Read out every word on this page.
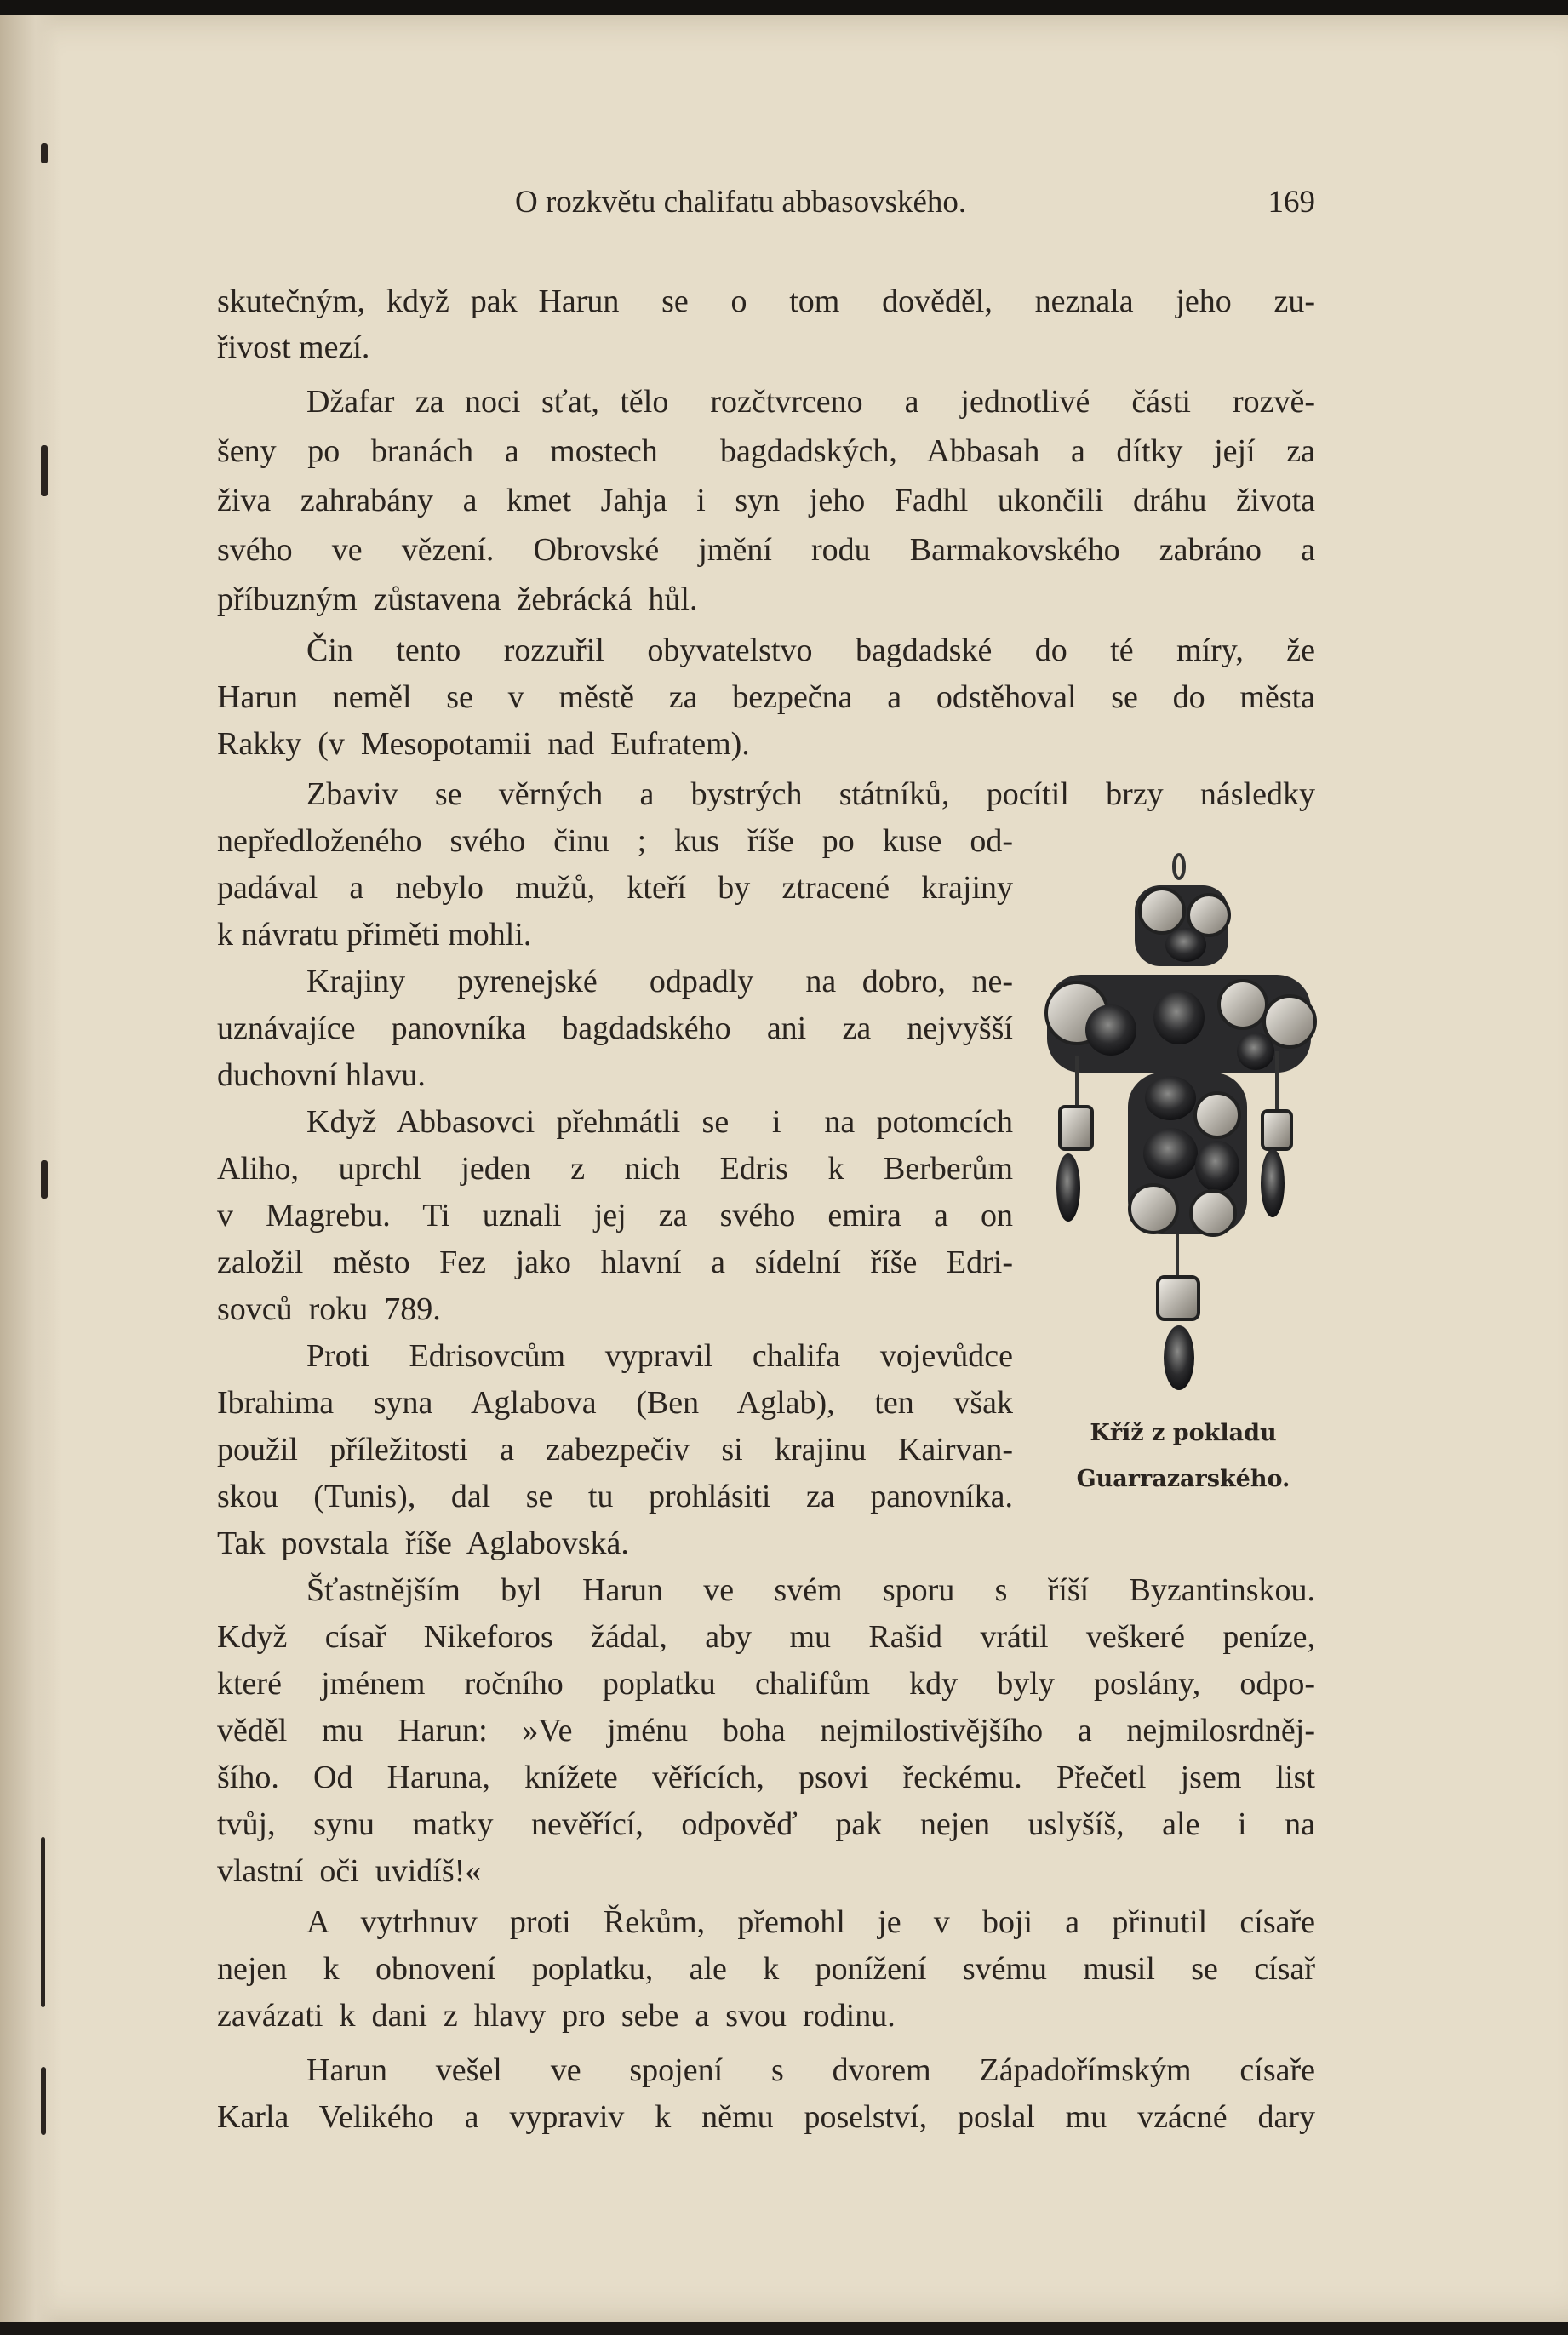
O rozkvětu chalifatu abbasovského.	169

skutečným, když pak Harun  se  o  tom  dověděl,  neznala  jeho  zu-

řivost mezí.

Džafar za noci sťat, tělo  rozčtvrceno  a  jednotlivé  části  rozvě-

šeny po branách a mostech  bagdadských, Abbasah a dítky její za

živa zahrabány a kmet Jahja i syn jeho Fadhl ukončili dráhu života

svého  ve  vězení.  Obrovské  jmění  rodu  Barmakovského  zabráno  a

příbuzným  zůstavena  žebrácká  hůl.

Čin  tento  rozzuřil  obyvatelstvo  bagdadské  do  té  míry,  že

Harun  neměl  se  v  městě  za  bezpečna  a  odstěhoval  se  do  města

Rakky  (v  Mesopotamii  nad  Eufratem).

Zbaviv  se  věrných  a  bystrých  státníků,  pocítil  brzy  následky

nepředloženého svého činu ; kus říše po kuse od-

padával a nebylo mužů, kteří by ztracené krajiny

k návratu přiměti mohli.

Krajiny  pyrenejské  odpadly  na dobro, ne-

uznávajíce panovníka bagdadského ani za nejvyšší

duchovní hlavu.

Když Abbasovci přehmátli se  i  na potomcích

Aliho,  uprchl  jeden  z  nich  Edris  k  Berberům

v  Magrebu.  Ti  uznali  jej  za  svého  emira  a  on

založil  město  Fez  jako  hlavní  a  sídelní  říše  Edri-

sovců  roku  789.

Proti Edrisovcům vypravil chalifa vojevůdce

Ibrahima  syna  Aglabova  (Ben  Aglab),  ten  však

použil příležitosti a zabezpečiv si krajinu Kairvan-

skou  (Tunis),  dal  se  tu  prohlásiti  za  panovníka.

Tak  povstala  říše  Aglabovská.

Šťastnějším  byl  Harun  ve  svém  sporu  s  říší  Byzantinskou.

Když  císař  Nikeforos  žádal,  aby  mu  Rašid  vrátil  veškeré  peníze,

které  jménem  ročního  poplatku  chalifům  kdy  byly  poslány,  odpo-

věděl  mu  Harun:  »Ve  jménu  boha  nejmilostivějšího  a  nejmilosrdněj-

šího.  Od  Haruna,  knížete  věřících,  psovi  řeckému.  Přečetl  jsem  list

tvůj,  synu  matky  nevěřící,  odpověď  pak  nejen  uslyšíš,  ale  i  na

vlastní  oči  uvidíš!«

A  vytrhnuv  proti  Řekům,  přemohl  je  v  boji  a  přinutil  císaře

nejen  k  obnovení  poplatku,  ale  k  ponížení  svému  musil  se  císař

zavázati  k  dani  z  hlavy  pro  sebe  a  svou  rodinu.

Harun  vešel  ve  spojení  s  dvorem  Západořímským  císaře

Karla  Velikého  a  vypraviv  k  němu  poselství,  poslal  mu  vzácné  dary

Kříž z pokladu
Guarrazarského.
